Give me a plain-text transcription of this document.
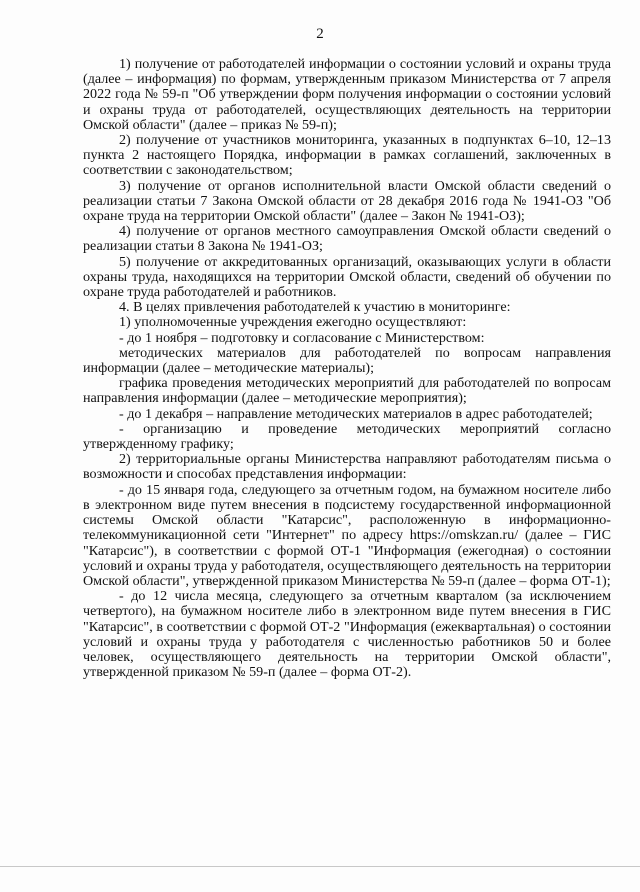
2

1) получение от работодателей информации о состоянии условий и охраны труда (далее – информация) по формам, утвержденным приказом Министерства от 7 апреля 2022 года № 59-п "Об утверждении форм получения информации о состоянии условий и охраны труда от работодателей, осуществляющих деятельность на территории Омской области" (далее – приказ № 59-п);

2) получение от участников мониторинга, указанных в подпунктах 6–10, 12–13 пункта 2 настоящего Порядка, информации в рамках соглашений, заключенных в соответствии с законодательством;

3) получение от органов исполнительной власти Омской области сведений о реализации статьи 7 Закона Омской области от 28 декабря 2016 года № 1941-ОЗ "Об охране труда на территории Омской области" (далее – Закон № 1941-ОЗ);

4) получение от органов местного самоуправления Омской области сведений о реализации статьи 8 Закона № 1941-ОЗ;

5) получение от аккредитованных организаций, оказывающих услуги в области охраны труда, находящихся на территории Омской области, сведений об обучении по охране труда работодателей и работников.

4. В целях привлечения работодателей к участию в мониторинге:

1) уполномоченные учреждения ежегодно осуществляют:

- до 1 ноября – подготовку и согласование с Министерством:

методических материалов для работодателей по вопросам направления информации (далее – методические материалы);

графика проведения методических мероприятий для работодателей по вопросам направления информации (далее – методические мероприятия);

- до 1 декабря – направление методических материалов в адрес работодателей;

- организацию и проведение методических мероприятий согласно утвержденному графику;

2) территориальные органы Министерства направляют работодателям письма о возможности и способах представления информации:

- до 15 января года, следующего за отчетным годом, на бумажном носителе либо в электронном виде путем внесения в подсистему государственной информационной системы Омской области "Катарсис", расположенную в информационно-телекоммуникационной сети "Интернет" по адресу https://omskzan.ru/ (далее – ГИС "Катарсис"), в соответствии с формой ОТ-1 "Информация (ежегодная) о состоянии условий и охраны труда у работодателя, осуществляющего деятельность на территории Омской области", утвержденной приказом Министерства № 59-п (далее – форма ОТ-1);

- до 12 числа месяца, следующего за отчетным кварталом (за исключением четвертого), на бумажном носителе либо в электронном виде путем внесения в ГИС "Катарсис", в соответствии с формой ОТ-2 "Информация (ежеквартальная) о состоянии условий и охраны труда у работодателя с численностью работников 50 и более человек, осуществляющего деятельность на территории Омской области", утвержденной приказом № 59-п (далее – форма ОТ-2).
